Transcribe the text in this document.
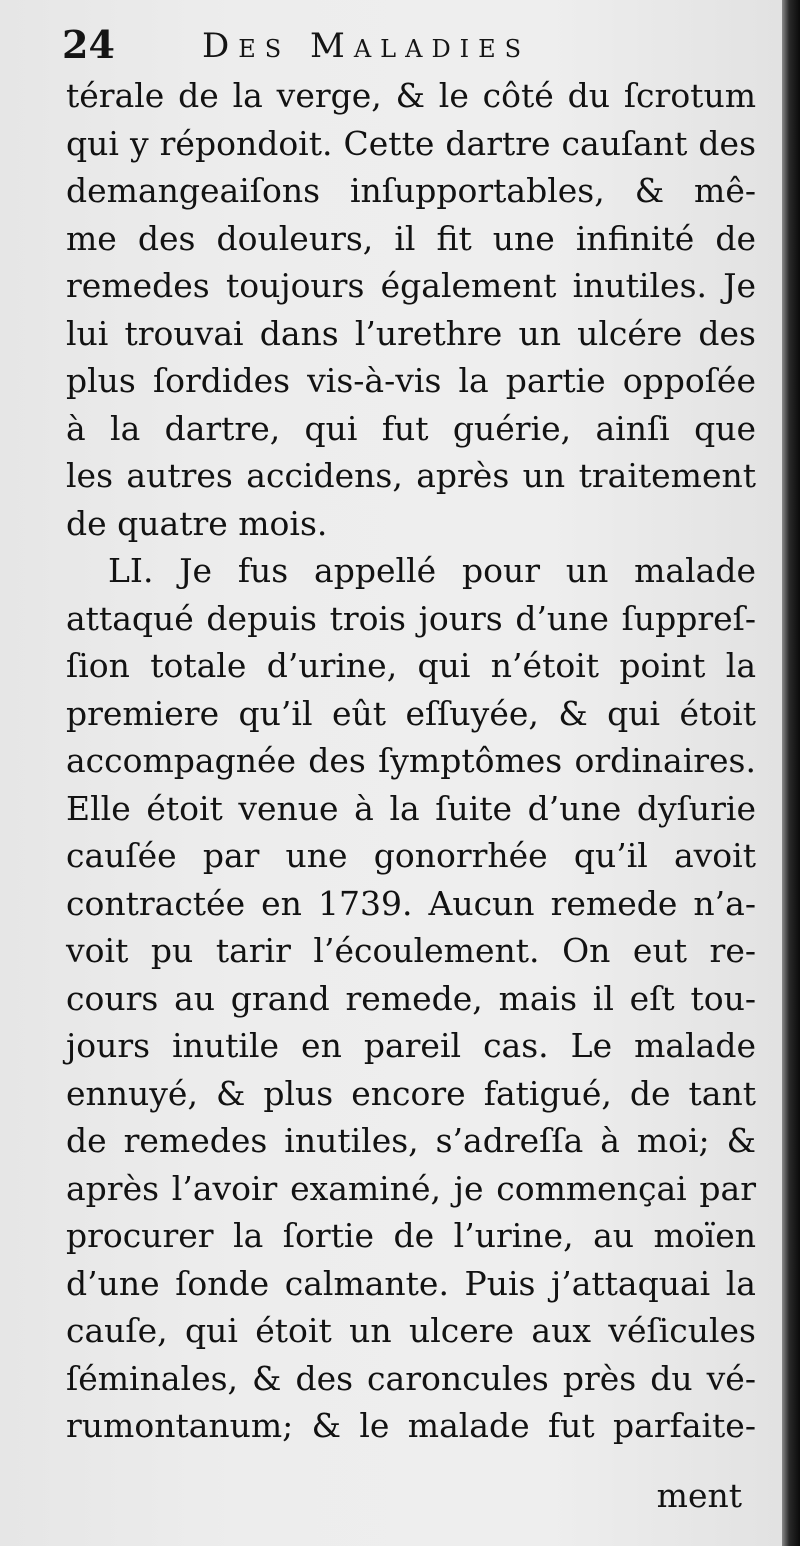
24	Des Maladies
térale de la verge, & le côté du ſcrotum
qui y répondoit. Cette dartre cauſant des
demangeaiſons inſupportables, & mê-
me des douleurs, il fit une infinité de
remedes toujours également inutiles. Je
lui trouvai dans l’urethre un ulcére des
plus ſordides vis-à-vis la partie oppoſée
à la dartre, qui fut guérie, ainſi que
les autres accidens, après un traitement
de quatre mois.
LI. Je fus appellé pour un malade
attaqué depuis trois jours d’une ſuppreſ-
ſion totale d’urine, qui n’étoit point la
premiere qu’il eût eſſuyée, & qui étoit
accompagnée des ſymptômes ordinaires.
Elle étoit venue à la ſuite d’une dyſurie
cauſée par une gonorrhée qu’il avoit
contractée en 1739. Aucun remede n’a-
voit pu tarir l’écoulement. On eut re-
cours au grand remede, mais il eſt tou-
jours inutile en pareil cas. Le malade
ennuyé, & plus encore fatigué, de tant
de remedes inutiles, s’adreſſa à moi; &
après l’avoir examiné, je commençai par
procurer la ſortie de l’urine, au moïen
d’une ſonde calmante. Puis j’attaquai la
cauſe, qui étoit un ulcere aux véſicules
ſéminales, & des caroncules près du vé-
rumontanum; & le malade fut parfaite-
ment
